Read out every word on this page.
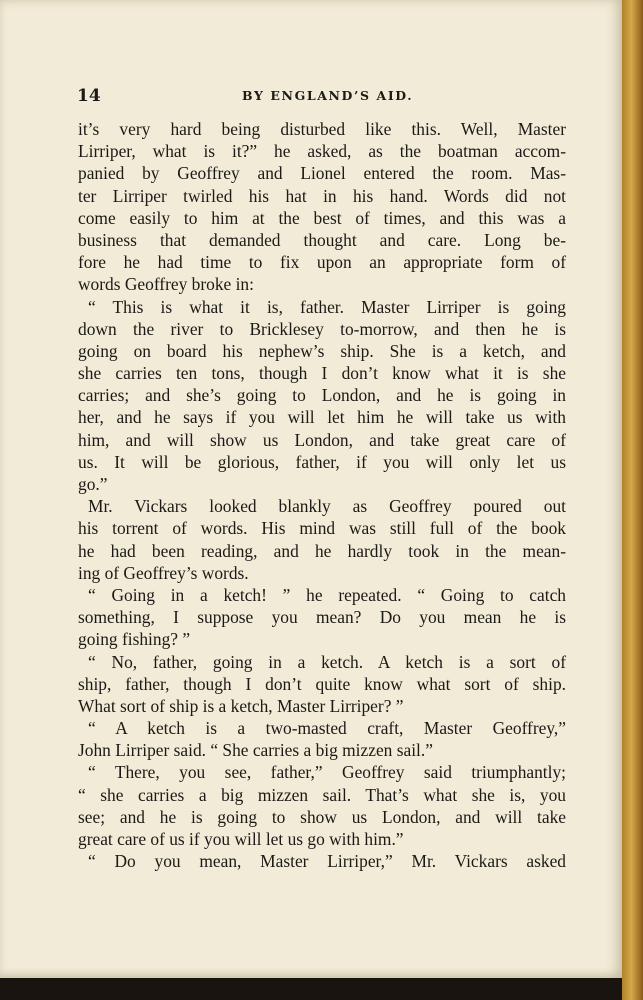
14	BY ENGLAND’S AID.
it’s very hard being disturbed like this. Well, Master
Lirriper, what is it?” he asked, as the boatman accom-
panied by Geoffrey and Lionel entered the room. Mas-
ter Lirriper twirled his hat in his hand. Words did not
come easily to him at the best of times, and this was a
business that demanded thought and care. Long be-
fore he had time to fix upon an appropriate form of
words Geoffrey broke in:
“ This is what it is, father. Master Lirriper is going
down the river to Bricklesey to-morrow, and then he is
going on board his nephew’s ship. She is a ketch, and
she carries ten tons, though I don’t know what it is she
carries; and she’s going to London, and he is going in
her, and he says if you will let him he will take us with
him, and will show us London, and take great care of
us. It will be glorious, father, if you will only let us
go.”
Mr. Vickars looked blankly as Geoffrey poured out
his torrent of words. His mind was still full of the book
he had been reading, and he hardly took in the mean-
ing of Geoffrey’s words.
“ Going in a ketch! ” he repeated. “ Going to catch
something, I suppose you mean? Do you mean he is
going fishing? ”
“ No, father, going in a ketch. A ketch is a sort of
ship, father, though I don’t quite know what sort of ship.
What sort of ship is a ketch, Master Lirriper? ”
“ A ketch is a two-masted craft, Master Geoffrey,”
John Lirriper said. “ She carries a big mizzen sail.”
“ There, you see, father,” Geoffrey said triumphantly;
“ she carries a big mizzen sail. That’s what she is, you
see; and he is going to show us London, and will take
great care of us if you will let us go with him.”
“ Do you mean, Master Lirriper,” Mr. Vickars asked
